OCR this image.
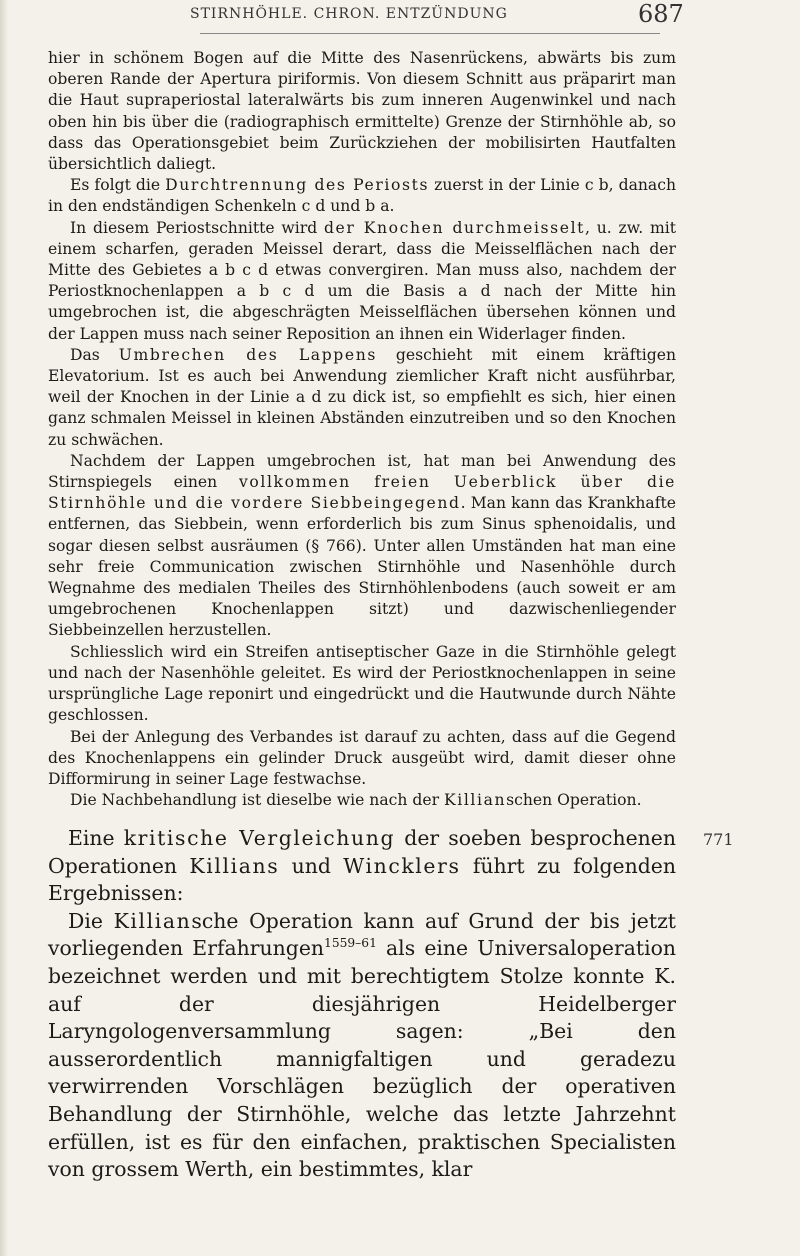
STIRNHÖHLE. CHRON. ENTZÜNDUNG	687

hier in schönem Bogen auf die Mitte des Nasenrückens, abwärts bis zum oberen Rande der Apertura piriformis. Von diesem Schnitt aus präparirt man die Haut supraperiostal lateralwärts bis zum inneren Augenwinkel und nach oben hin bis über die (radiographisch ermittelte) Grenze der Stirnhöhle ab, so dass das Operationsgebiet beim Zurückziehen der mobilisirten Hautfalten übersichtlich daliegt.

Es folgt die Durchtrennung des Periosts zuerst in der Linie c b, danach in den endständigen Schenkeln c d und b a.

In diesem Periostschnitte wird der Knochen durchmeisselt, u. zw. mit einem scharfen, geraden Meissel derart, dass die Meisselflächen nach der Mitte des Gebietes a b c d etwas convergiren. Man muss also, nachdem der Periostknochenlappen a b c d um die Basis a d nach der Mitte hin umgebrochen ist, die abgeschrägten Meisselflächen übersehen können und der Lappen muss nach seiner Reposition an ihnen ein Widerlager finden.

Das Umbrechen des Lappens geschieht mit einem kräftigen Elevatorium. Ist es auch bei Anwendung ziemlicher Kraft nicht ausführbar, weil der Knochen in der Linie a d zu dick ist, so empfiehlt es sich, hier einen ganz schmalen Meissel in kleinen Abständen einzutreiben und so den Knochen zu schwächen.

Nachdem der Lappen umgebrochen ist, hat man bei Anwendung des Stirnspiegels einen vollkommen freien Ueberblick über die Stirnhöhle und die vordere Siebbeingegend. Man kann das Krankhafte entfernen, das Siebbein, wenn erforderlich bis zum Sinus sphenoidalis, und sogar diesen selbst ausräumen (§ 766). Unter allen Umständen hat man eine sehr freie Communication zwischen Stirnhöhle und Nasenhöhle durch Wegnahme des medialen Theiles des Stirnhöhlenbodens (auch soweit er am umgebrochenen Knochenlappen sitzt) und dazwischenliegender Siebbeinzellen herzustellen.

Schliesslich wird ein Streifen antiseptischer Gaze in die Stirnhöhle gelegt und nach der Nasenhöhle geleitet. Es wird der Periostknochenlappen in seine ursprüngliche Lage reponirt und eingedrückt und die Hautwunde durch Nähte geschlossen.

Bei der Anlegung des Verbandes ist darauf zu achten, dass auf die Gegend des Knochenlappens ein gelinder Druck ausgeübt wird, damit dieser ohne Difformirung in seiner Lage festwachse.

Die Nachbehandlung ist dieselbe wie nach der Killianschen Operation.

771

Eine kritische Vergleichung der soeben besprochenen Operationen Killians und Wincklers führt zu folgenden Ergebnissen:

Die Killiansche Operation kann auf Grund der bis jetzt vorliegenden Erfahrungen$^{1559-61}$ als eine Universaloperation bezeichnet werden und mit berechtigtem Stolze konnte K. auf der diesjährigen Heidelberger Laryngologenversammlung sagen: „Bei den ausserordentlich mannigfaltigen und geradezu verwirrenden Vorschlägen bezüglich der operativen Behandlung der Stirnhöhle, welche das letzte Jahrzehnt erfüllen, ist es für den einfachen, praktischen Specialisten von grossem Werth, ein bestimmtes, klar
